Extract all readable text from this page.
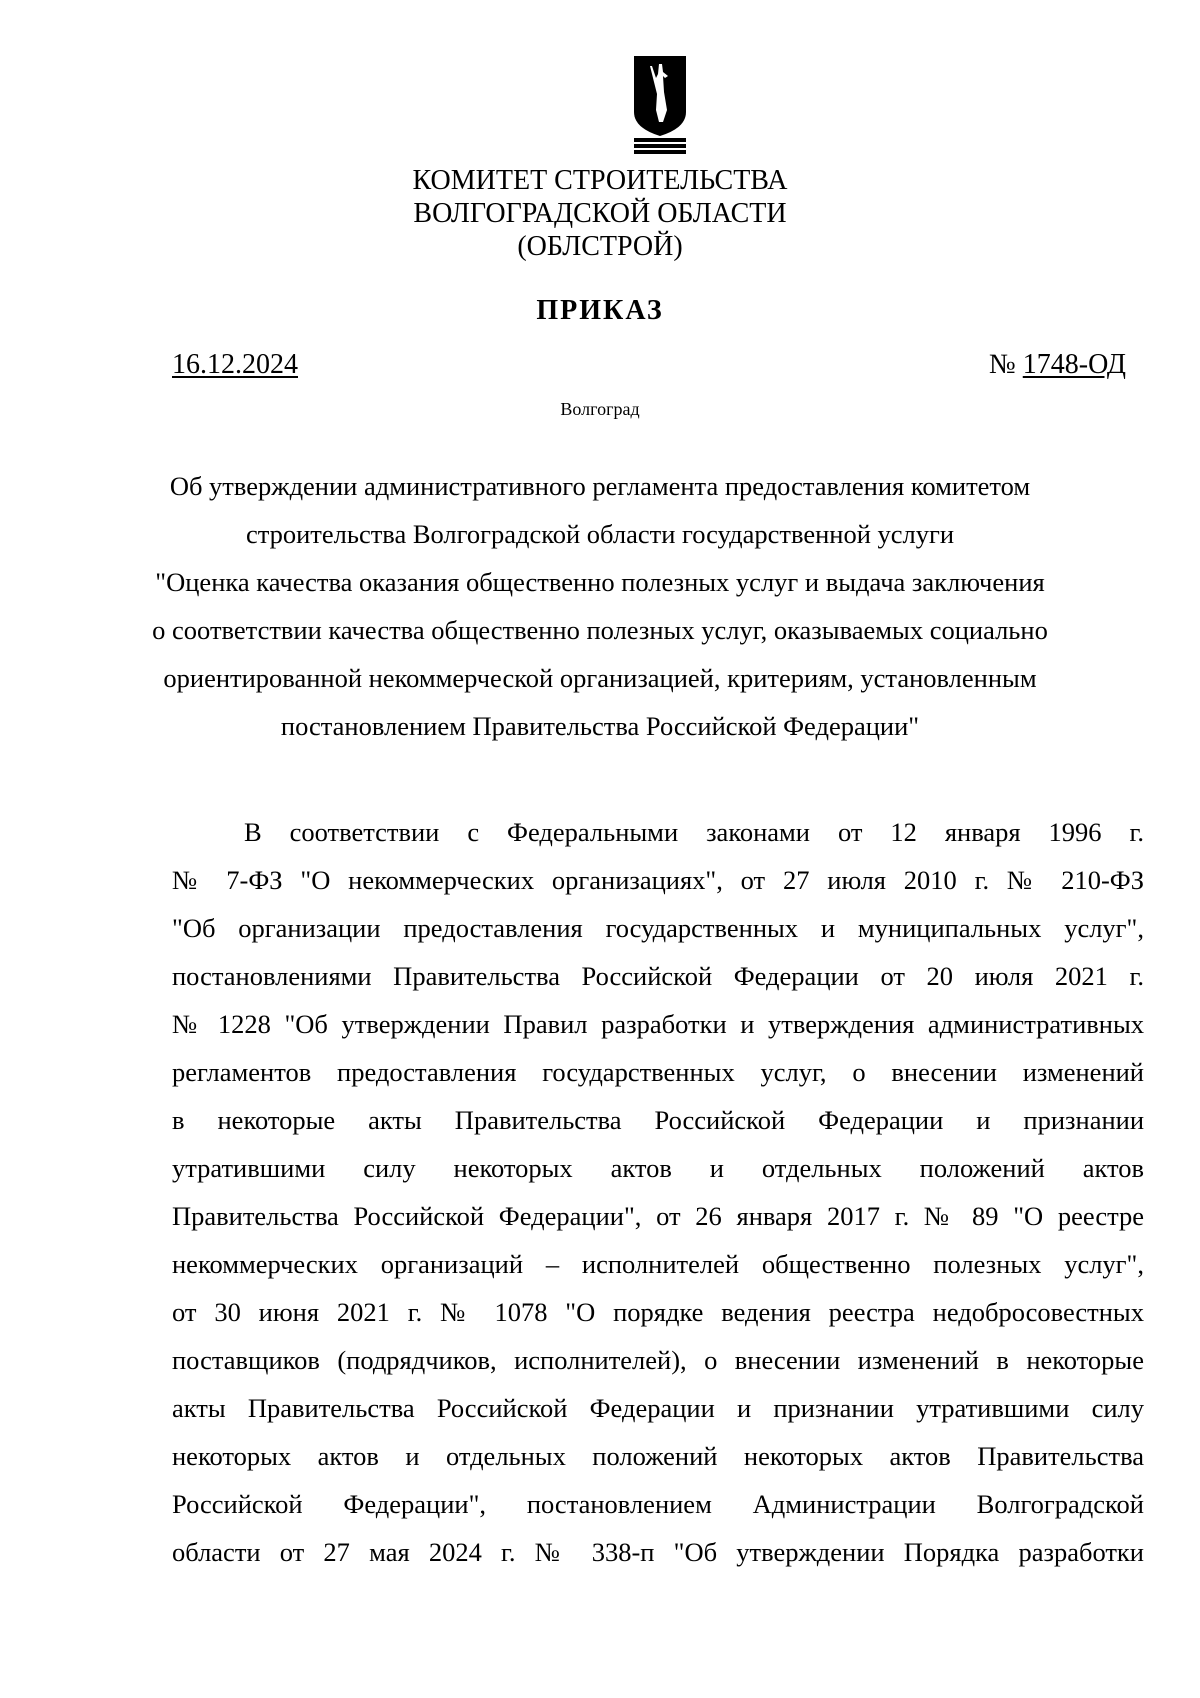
КОМИТЕТ СТРОИТЕЛЬСТВА
ВОЛГОГРАДСКОЙ ОБЛАСТИ
(ОБЛСТРОЙ)
ПРИКАЗ
16.12.2024	№ 1748-ОД
Волгоград
Об утверждении административного регламента предоставления комитетом
строительства Волгоградской области государственной услуги
"Оценка качества оказания общественно полезных услуг и выдача заключения
о соответствии качества общественно полезных услуг, оказываемых социально
ориентированной некоммерческой организацией, критериям, установленным
постановлением Правительства Российской Федерации"
В соответствии с Федеральными законами от 12 января 1996 г.
№ 7-ФЗ "О некоммерческих организациях", от 27 июля 2010 г. № 210-ФЗ
"Об организации предоставления государственных и муниципальных услуг",
постановлениями Правительства Российской Федерации от 20 июля 2021 г.
№ 1228 "Об утверждении Правил разработки и утверждения административных
регламентов предоставления государственных услуг, о внесении изменений
в некоторые акты Правительства Российской Федерации и признании
утратившими силу некоторых актов и отдельных положений актов
Правительства Российской Федерации", от 26 января 2017 г. № 89 "О реестре
некоммерческих организаций – исполнителей общественно полезных услуг",
от 30 июня 2021 г. № 1078 "О порядке ведения реестра недобросовестных
поставщиков (подрядчиков, исполнителей), о внесении изменений в некоторые
акты Правительства Российской Федерации и признании утратившими силу
некоторых актов и отдельных положений некоторых актов Правительства
Российской Федерации", постановлением Администрации Волгоградской
области от 27 мая 2024 г. № 338-п "Об утверждении Порядка разработки
